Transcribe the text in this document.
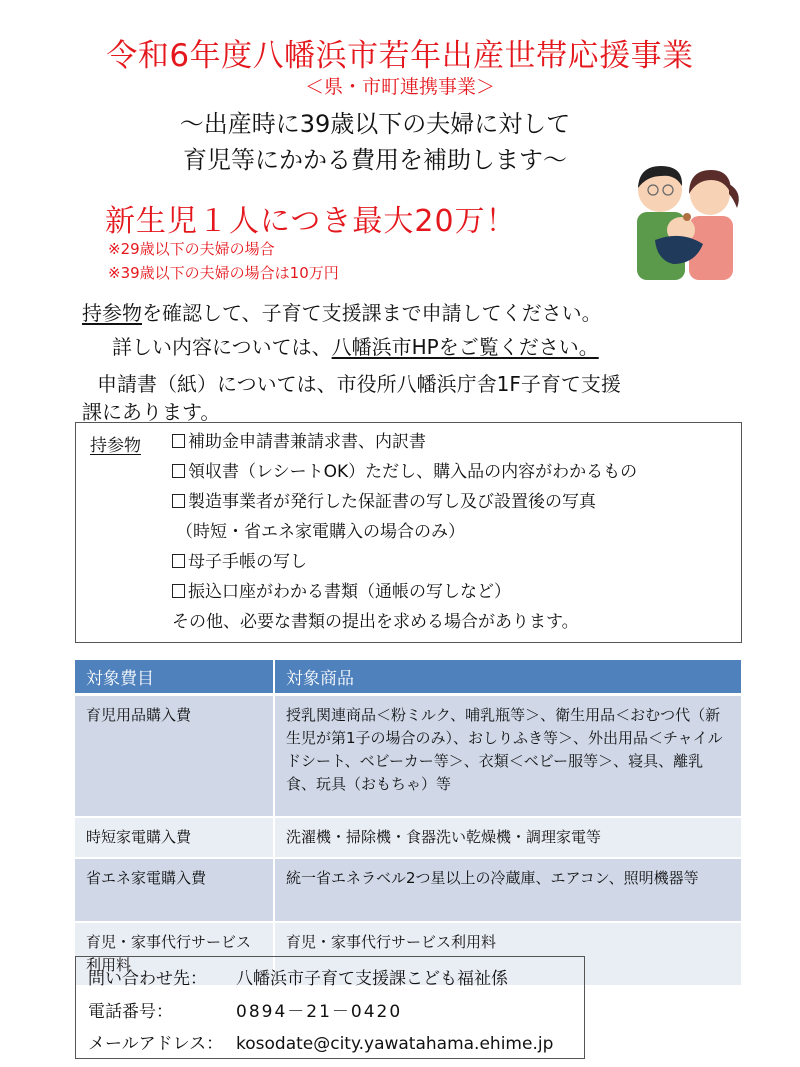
令和6年度八幡浜市若年出産世帯応援事業
＜県・市町連携事業＞
～出産時に39歳以下の夫婦に対して
育児等にかかる費用を補助します～
新生児１人につき最大20万！
※29歳以下の夫婦の場合
※39歳以下の夫婦の場合は10万円
持参物を確認して、子育て支援課まで申請してください。
詳しい内容については、八幡浜市HPをご覧ください。
申請書（紙）については、市役所八幡浜庁舎1F子育て支援
課にあります。
持参物	補助金申請書兼請求書、内訳書
領収書（レシートOK）ただし、購入品の内容がわかるもの
製造事業者が発行した保証書の写し及び設置後の写真
（時短・省エネ家電購入の場合のみ）
母子手帳の写し
振込口座がわかる書類（通帳の写しなど）
その他、必要な書類の提出を求める場合があります。
対象費目	対象商品
育児用品購入費	授乳関連商品＜粉ミルク、哺乳瓶等＞、衛生用品＜おむつ代（新生児が第1子の場合のみ）、おしりふき等＞、外出用品＜チャイルドシート、ベビーカー等＞、衣類＜ベビー服等＞、寝具、離乳食、玩具（おもちゃ）等
時短家電購入費	洗濯機・掃除機・食器洗い乾燥機・調理家電等
省エネ家電購入費	統一省エネラベル2つ星以上の冷蔵庫、エアコン、照明機器等
育児・家事代行サービス利用料	育児・家事代行サービス利用料
問い合わせ先： 八幡浜市子育て支援課こども福祉係
電話番号：	0894－21－0420
メールアドレス： kosodate@city.yawatahama.ehime.jp
